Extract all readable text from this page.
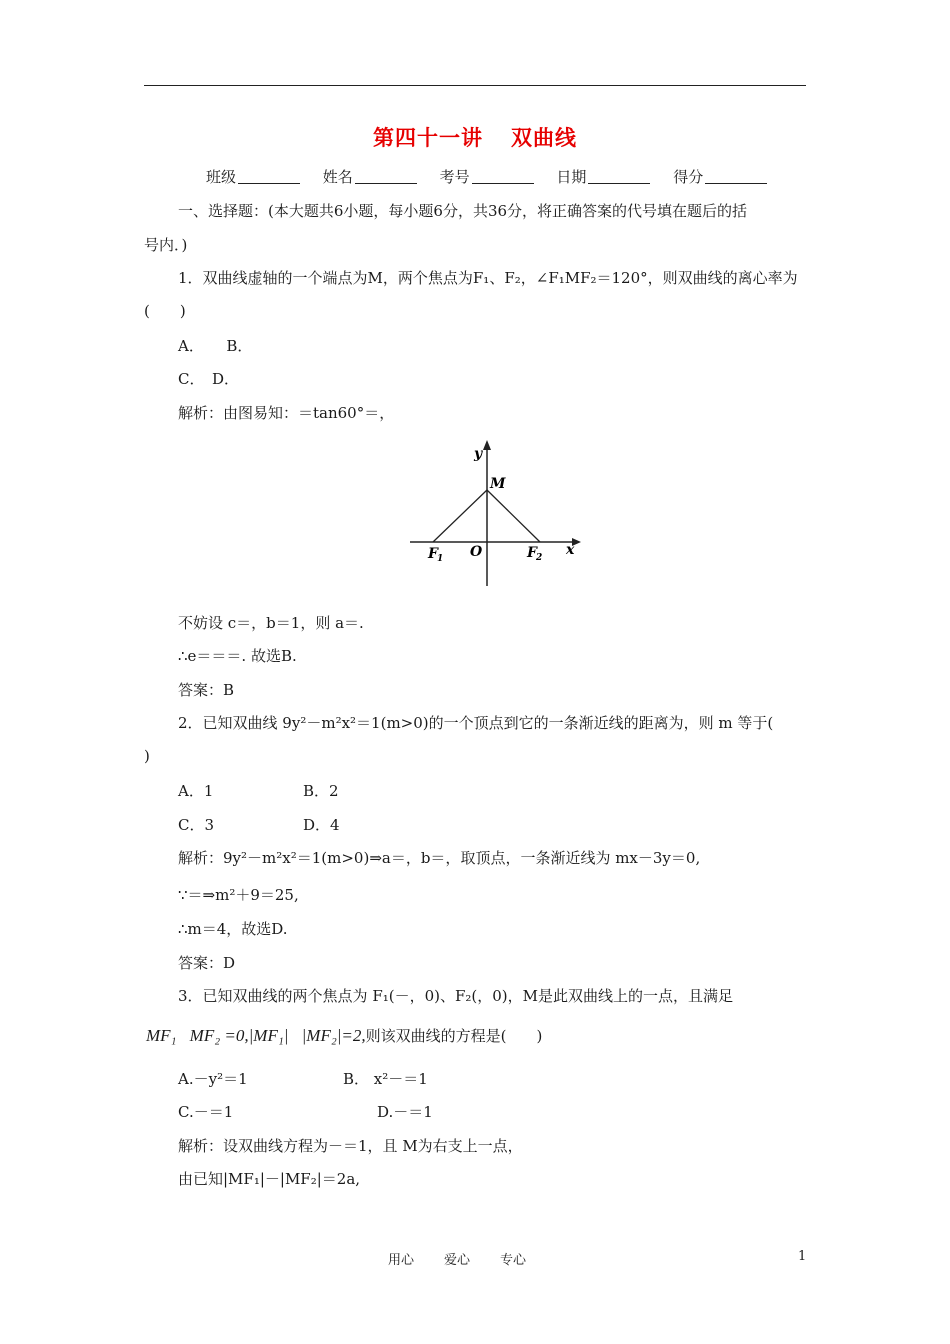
第四十一讲 双曲线
班级	姓名	考号	日期	得分
一、选择题：(本大题共6小题，每小题6分，共36分，将正确答案的代号填在题后的括
号内．)
1．双曲线虚轴的一个端点为M，两个焦点为F₁、F₂，∠F₁MF₂＝120°，则双曲线的离心率为
(　　)
A．　　B．
C．　D．
解析：由图易知：＝tan60°＝，
y
M
F 1 O	F 2 x
不妨设 c＝，b＝1，则 a＝.
∴e＝＝＝. 故选B.
答案：B
2．已知双曲线 9y²－m²x²＝1(m>0)的一个顶点到它的一条渐近线的距离为，则 m 等于(
)
A．1	B．2
C．3	D．4
解析：9y²－m²x²＝1(m>0)⇒a＝，b＝，取顶点，一条渐近线为 mx－3y＝0,
∵＝⇒m²＋9＝25,
∴m＝4，故选D.
答案：D
3．已知双曲线的两个焦点为 F₁(－，0)、F₂(，0)，M是此双曲线上的一点，且满足
MF₁⃞MF₂ =0,|MF₁|⃞|MF₂|=2,则该双曲线的方程是(　　)
A.－y²＝1	B． x²－＝1
C.－＝1	D.－＝1
解析：设双曲线方程为－＝1，且 M为右支上一点，
由已知|MF₁|－|MF₂|＝2a,
用心 爱心 专心	1
